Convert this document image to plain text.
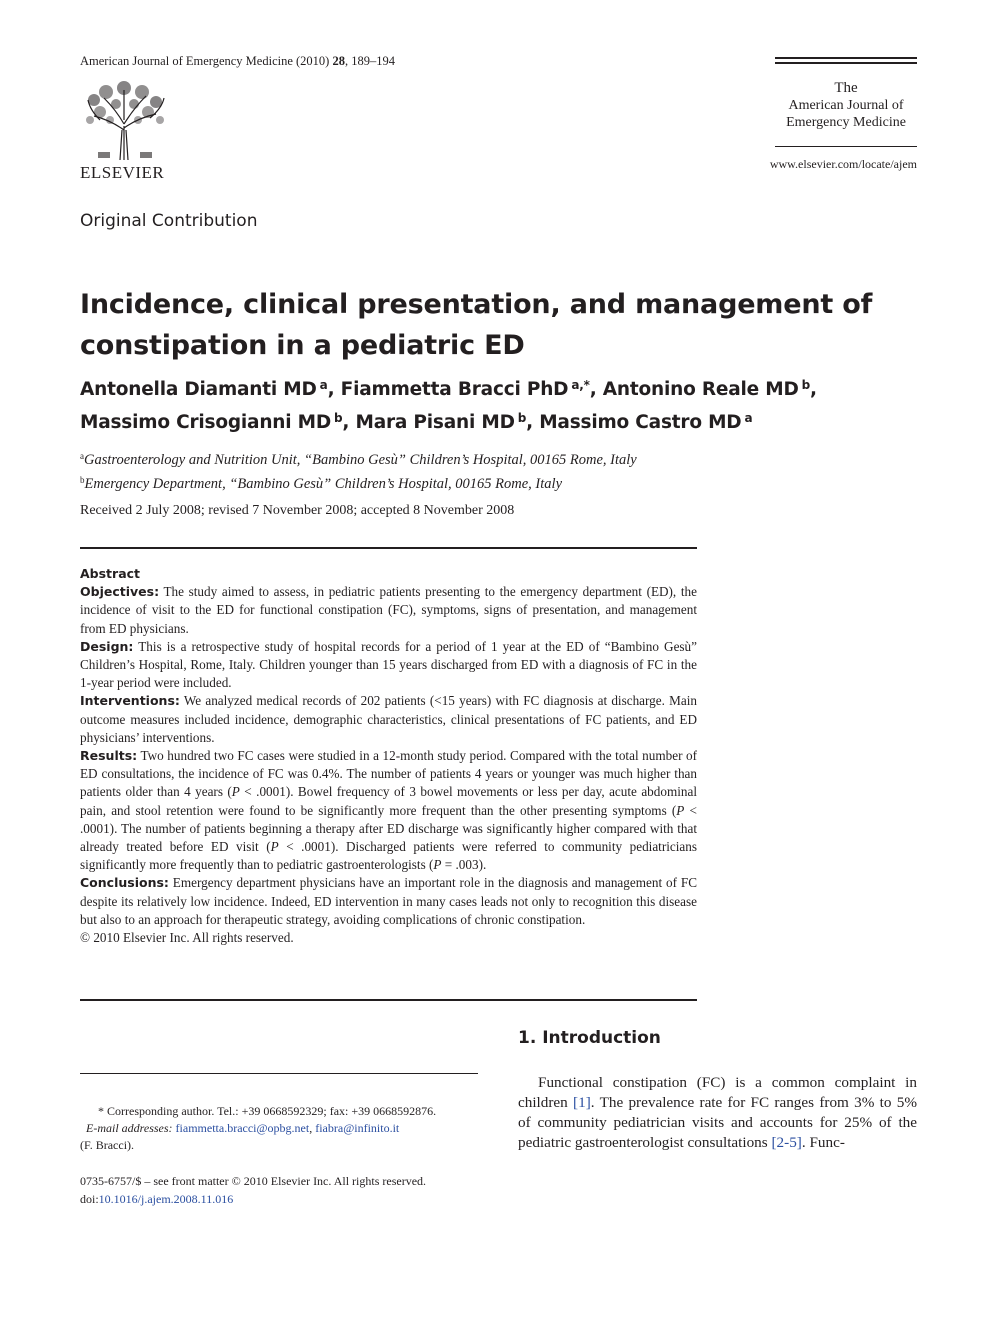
American Journal of Emergency Medicine (2010) 28, 189–194
ELSEVIER
The
American Journal of
Emergency Medicine
www.elsevier.com/locate/ajem
Original Contribution
Incidence, clinical presentation, and management of constipation in a pediatric ED
Antonella Diamanti MD $^a$, Fiammetta Bracci PhD $^{a,*}$, Antonino Reale MD $^b$,
Massimo Crisogianni MD $^b$, Mara Pisani MD $^b$, Massimo Castro MD $^a$
$^a$Gastroenterology and Nutrition Unit, “Bambino Gesù” Children’s Hospital, 00165 Rome, Italy
$^b$Emergency Department, “Bambino Gesù” Children’s Hospital, 00165 Rome, Italy
Received 2 July 2008; revised 7 November 2008; accepted 8 November 2008
Abstract

Objectives: The study aimed to assess, in pediatric patients presenting to the emergency department (ED), the incidence of visit to the ED for functional constipation (FC), symptoms, signs of presentation, and management from ED physicians.

Design: This is a retrospective study of hospital records for a period of 1 year at the ED of “Bambino Gesù” Children’s Hospital, Rome, Italy. Children younger than 15 years discharged from ED with a diagnosis of FC in the 1-year period were included.

Interventions: We analyzed medical records of 202 patients (<15 years) with FC diagnosis at discharge. Main outcome measures included incidence, demographic characteristics, clinical presentations of FC patients, and ED physicians’ interventions.

Results: Two hundred two FC cases were studied in a 12-month study period. Compared with the total number of ED consultations, the incidence of FC was 0.4%. The number of patients 4 years or younger was much higher than patients older than 4 years (P < .0001). Bowel frequency of 3 bowel movements or less per day, acute abdominal pain, and stool retention were found to be significantly more frequent than the other presenting symptoms (P < .0001). The number of patients beginning a therapy after ED discharge was significantly higher compared with that already treated before ED visit (P < .0001). Discharged patients were referred to community pediatricians significantly more frequently than to pediatric gastroenterologists (P = .003).

Conclusions: Emergency department physicians have an important role in the diagnosis and management of FC despite its relatively low incidence. Indeed, ED intervention in many cases leads not only to recognition this disease but also to an approach for therapeutic strategy, avoiding complications of chronic constipation.

© 2010 Elsevier Inc. All rights reserved.

* Corresponding author. Tel.: +39 0668592329; fax: +39 0668592876.

E-mail addresses: fiammetta.bracci@opbg.net, fiabra@infinito.it

(F. Bracci).

0735-6757/$ – see front matter © 2010 Elsevier Inc. All rights reserved.

doi:10.1016/j.ajem.2008.11.016

1. Introduction

Functional constipation (FC) is a common complaint in children [1]. The prevalence rate for FC ranges from 3% to 5% of community pediatrician visits and accounts for 25% of the pediatric gastroenterologist consultations [2-5]. Func-
